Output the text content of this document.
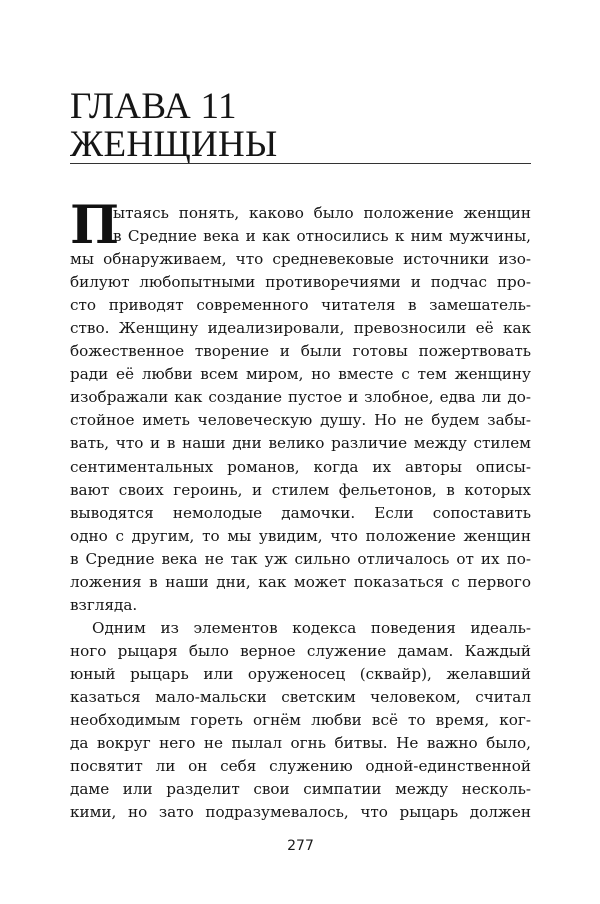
ГЛАВА 11
ЖЕНЩИНЫ
П
ытаясь понять, каково было положение женщин
в Средние века и как относились к ним мужчины,
мы обнаруживаем, что средневековые источники изо-
билуют любопытными противоречиями и подчас про-
сто приводят современного читателя в замешатель-
ство. Женщину идеализировали, превозносили её как
божественное творение и были готовы пожертвовать
ради её любви всем миром, но вместе с тем женщину
изображали как создание пустое и злобное, едва ли до-
стойное иметь человеческую душу. Но не будем забы-
вать, что и в наши дни велико различие между стилем
сентиментальных романов, когда их авторы описы-
вают своих героинь, и стилем фельетонов, в которых
выводятся немолодые дамочки. Если сопоставить
одно с другим, то мы увидим, что положение женщин
в Средние века не так уж сильно отличалось от их по-
ложения в наши дни, как может показаться с первого
взгляда.
Одним из элементов кодекса поведения идеаль-
ного рыцаря было верное служение дамам. Каждый
юный рыцарь или оруженосец (сквайр), желавший
казаться мало-мальски светским человеком, считал
необходимым гореть огнём любви всё то время, ког-
да вокруг него не пылал огнь битвы. Не важно было,
посвятит ли он себя служению одной-единственной
даме или разделит свои симпатии между несколь-
кими, но зато подразумевалось, что рыцарь должен
277
